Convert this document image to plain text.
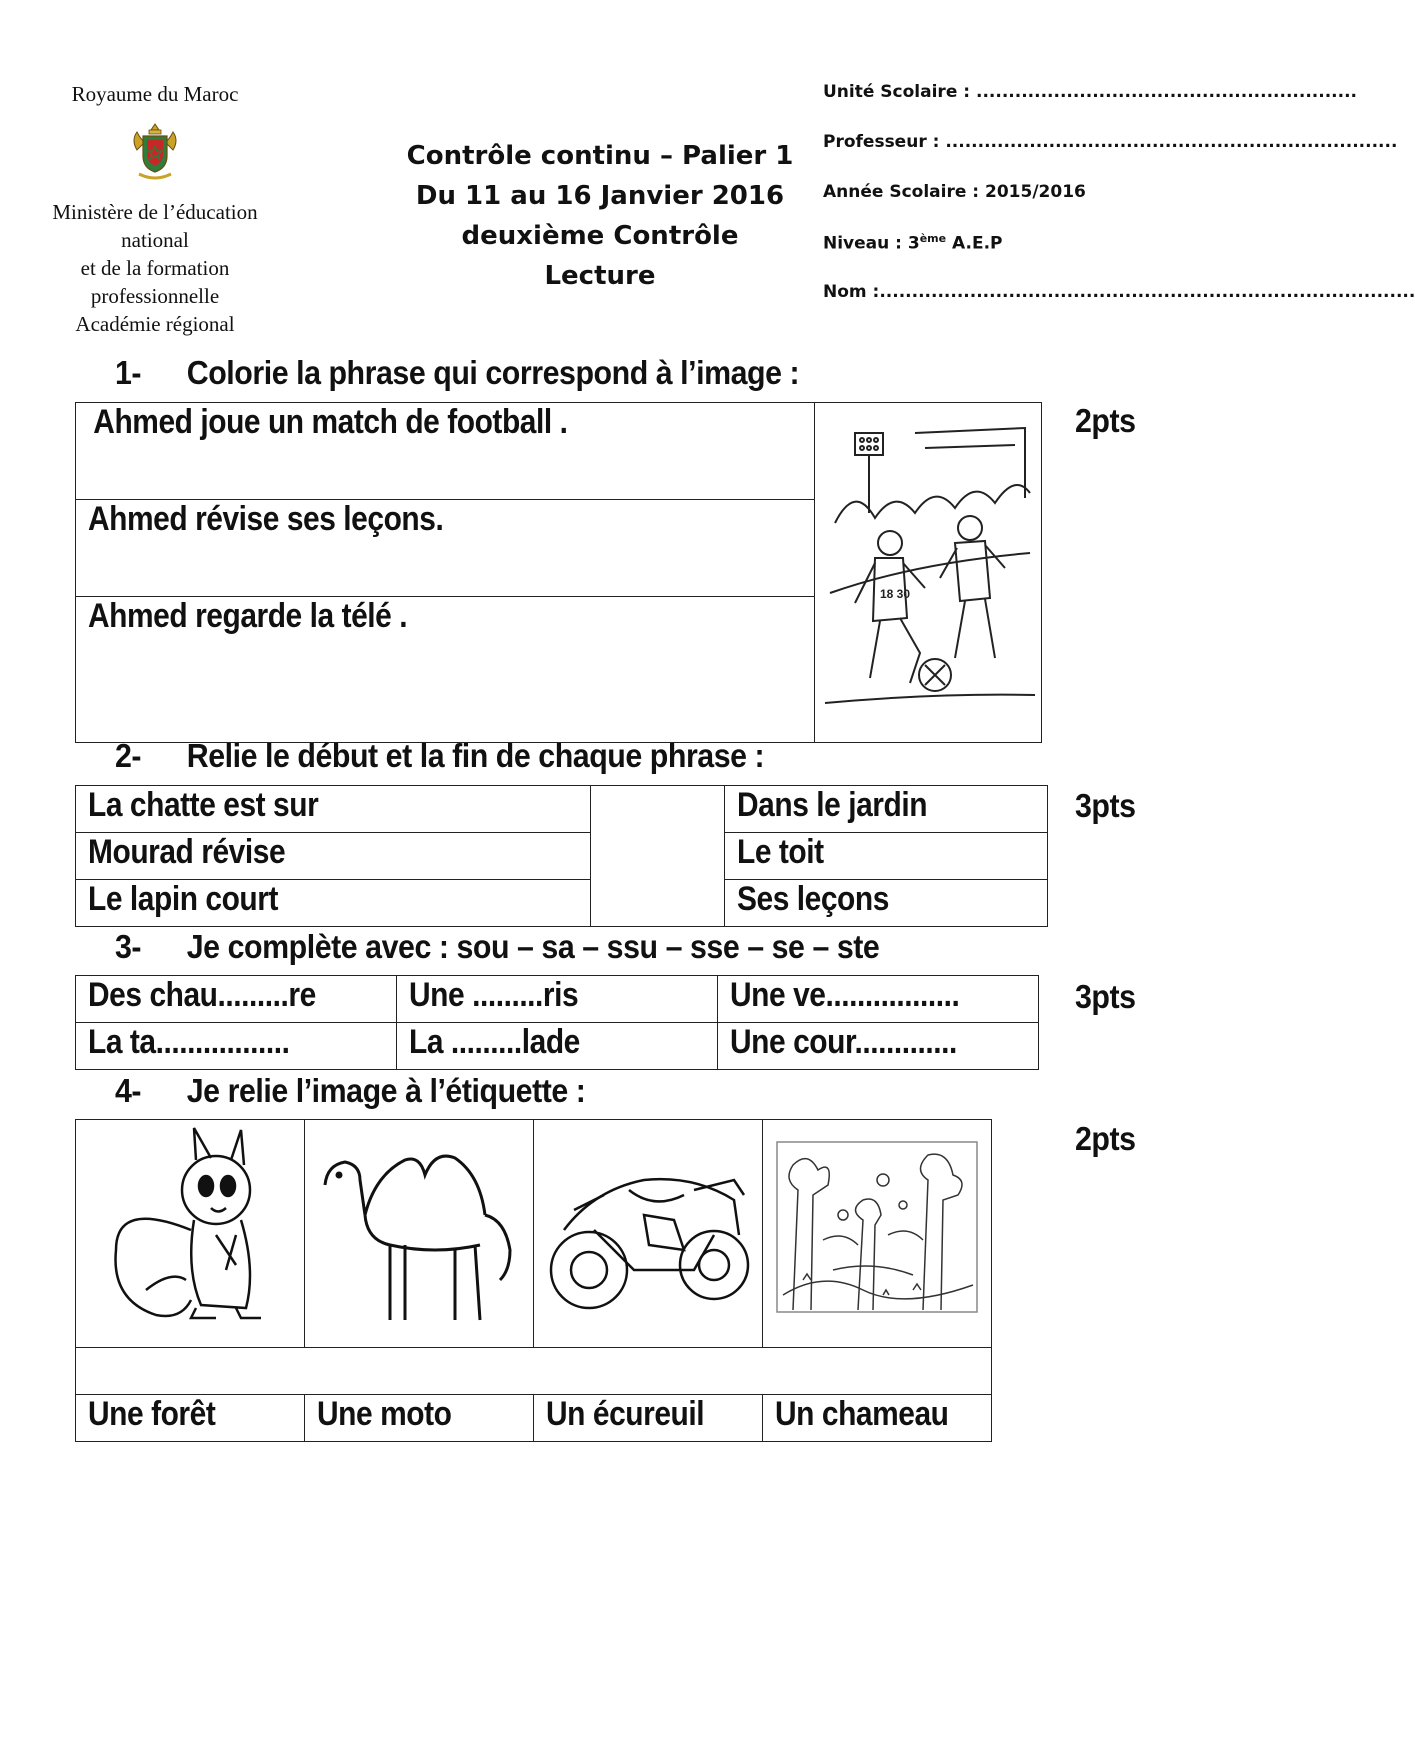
Royaume du Maroc
Ministère de l’éducation
national
et de la formation
professionnelle
Académie régional
Contrôle continu – Palier 1
Du 11 au 16 Janvier 2016
deuxième Contrôle
Lecture
Unité Scolaire : ...........................................................
Professeur : ......................................................................
Année Scolaire : 2015/2016
Niveau : 3ème A.E.P
Nom :...................................................................................
1- Colorie la phrase qui correspond à l’image :
2pts
Ahmed joue un match de football .	
18 30

Ahmed révise ses leçons.
Ahmed regarde la télé .
2- Relie le début et la fin de chaque phrase :
3pts
La chatte est sur		Dans le jardin
Mourad révise		Le toit
Le lapin court		Ses leçons
3- Je complète avec : sou – sa – ssu – sse – se – ste
3pts
Des chau.........re	Une .........ris	Une ve.................
La ta.................	La .........lade	Une cour.............
4- Je relie l’image à l’étiquette :
2pts

Une forêt	Une moto	Un écureuil	Un chameau
